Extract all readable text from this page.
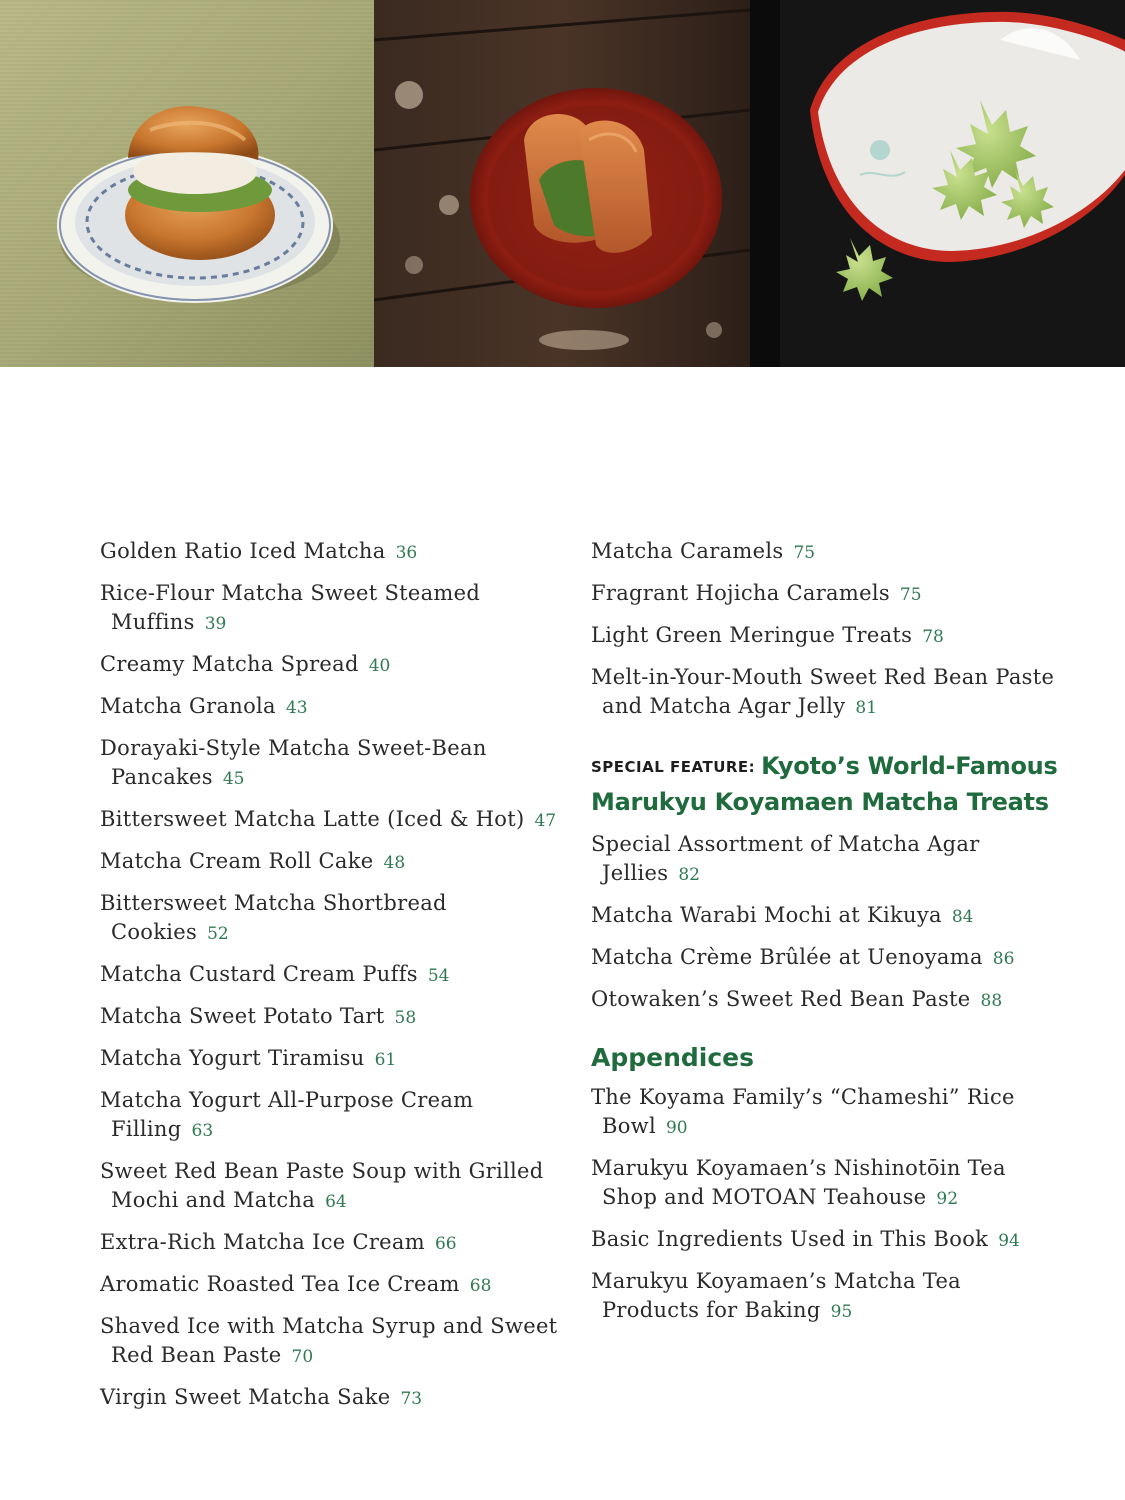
Golden Ratio Iced Matcha 36
Rice-Flour Matcha Sweet Steamed Muffins 39
Creamy Matcha Spread 40
Matcha Granola 43
Dorayaki-Style Matcha Sweet-Bean Pancakes 45
Bittersweet Matcha Latte (Iced & Hot) 47
Matcha Cream Roll Cake 48
Bittersweet Matcha Shortbread Cookies 52
Matcha Custard Cream Puffs 54
Matcha Sweet Potato Tart 58
Matcha Yogurt Tiramisu 61
Matcha Yogurt All-Purpose Cream Filling 63
Sweet Red Bean Paste Soup with Grilled Mochi and Matcha 64
Extra-Rich Matcha Ice Cream 66
Aromatic Roasted Tea Ice Cream 68
Shaved Ice with Matcha Syrup and Sweet Red Bean Paste 70
Virgin Sweet Matcha Sake 73
Matcha Caramels 75
Fragrant Hojicha Caramels 75
Light Green Meringue Treats 78
Melt-in-Your-Mouth Sweet Red Bean Paste and Matcha Agar Jelly 81
SPECIAL FEATURE: Kyoto’s World-Famous Marukyu Koyamaen Matcha Treats
Special Assortment of Matcha Agar Jellies 82
Matcha Warabi Mochi at Kikuya 84
Matcha Crème Brûlée at Uenoyama 86
Otowaken’s Sweet Red Bean Paste 88
Appendices
The Koyama Family’s “Chameshi” Rice Bowl 90
Marukyu Koyamaen’s Nishinotōin Tea Shop and MOTOAN Teahouse 92
Basic Ingredients Used in This Book 94
Marukyu Koyamaen’s Matcha Tea Products for Baking 95
